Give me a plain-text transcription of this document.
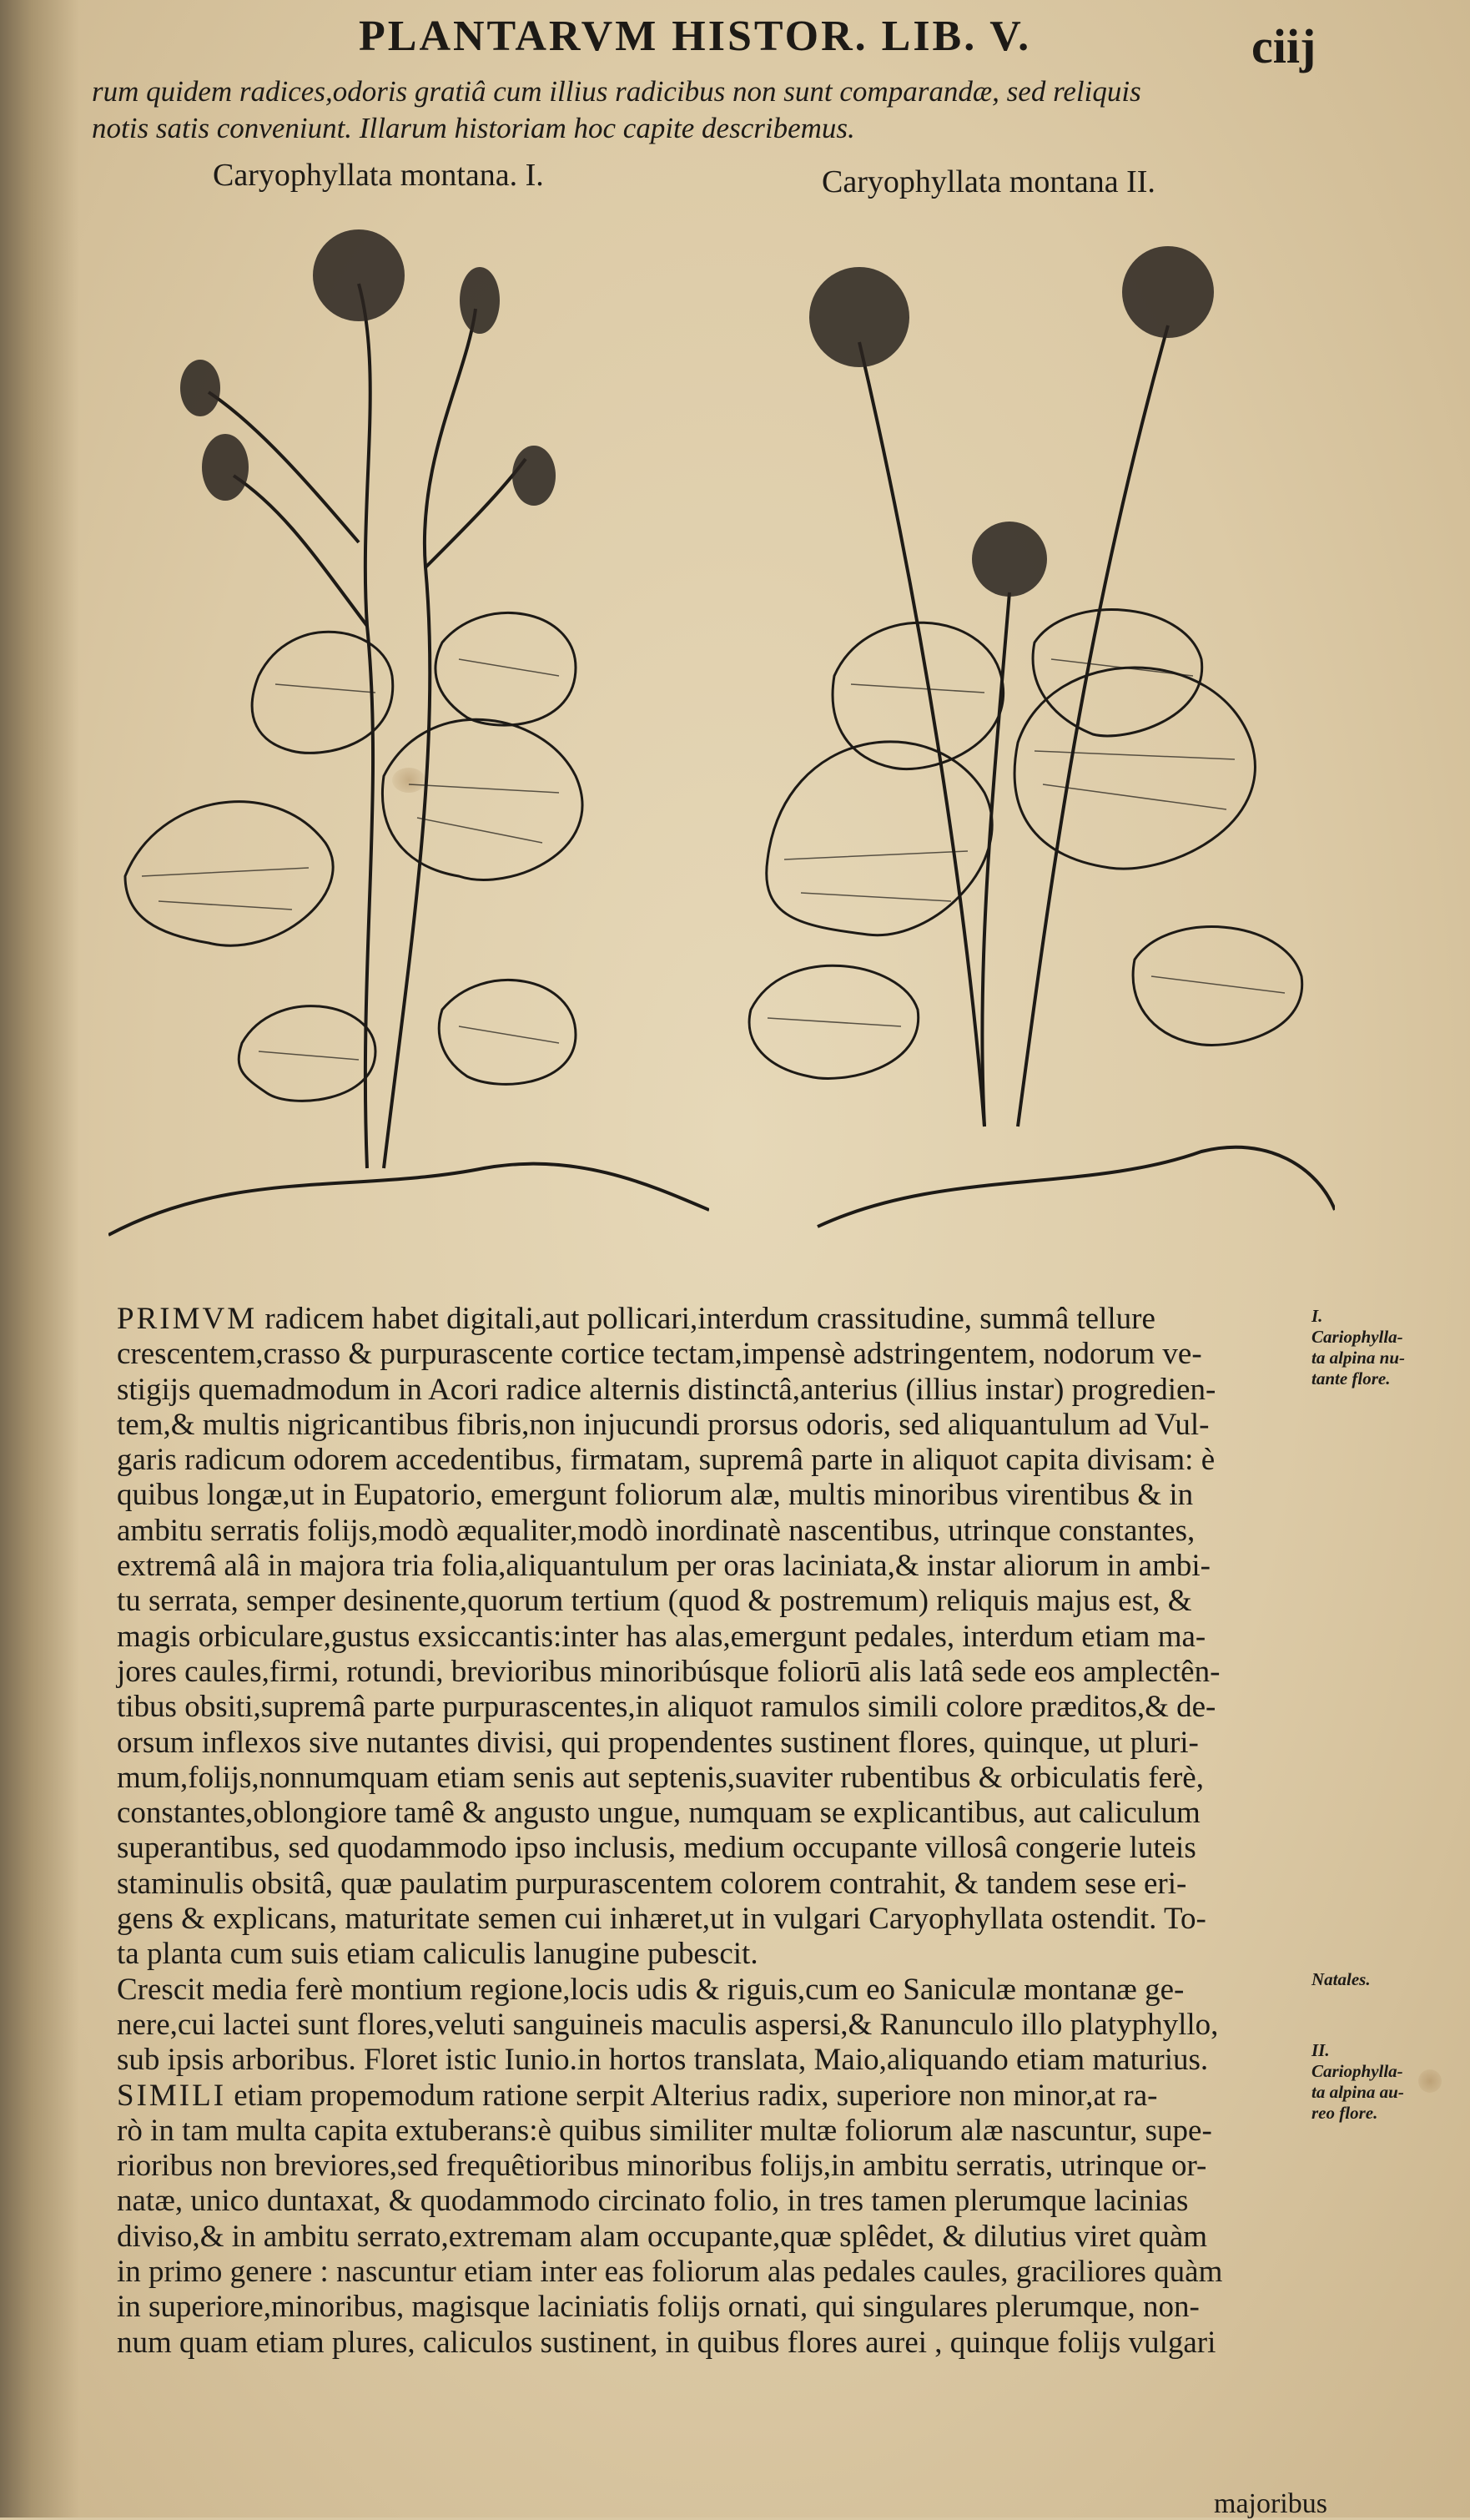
PLANTARVM HISTOR. LIB. V.	ciij
rum quidem radices,odoris gratiâ cum illius radicibus non sunt comparandæ, sed reliquis
notis satis conveniunt. Illarum historiam hoc capite describemus.
Caryophyllata montana. I.	Caryophyllata montana II.
PRIMVM radicem habet digitali,aut pollicari,interdum crassitudine, summâ tellure
crescentem,crasso & purpurascente cortice tectam,impensè adstringentem, nodorum ve-
stigijs quemadmodum in Acori radice alternis distinctâ,anterius (illius instar) progredien-
tem,& multis nigricantibus fibris,non injucundi prorsus odoris, sed aliquantulum ad Vul-
garis radicum odorem accedentibus, firmatam, supremâ parte in aliquot capita divisam: è
quibus longæ,ut in Eupatorio, emergunt foliorum alæ, multis minoribus virentibus & in
ambitu serratis folijs,modò æqualiter,modò inordinatè nascentibus, utrinque constantes,
extremâ alâ in majora tria folia,aliquantulum per oras laciniata,& instar aliorum in ambi-
tu serrata, semper desinente,quorum tertium (quod & postremum) reliquis majus est, &
magis orbiculare,gustus exsiccantis:inter has alas,emergunt pedales, interdum etiam ma-
jores caules,firmi, rotundi, brevioribus minoribúsque foliorū alis latâ sede eos amplectên-
tibus obsiti,supremâ parte purpurascentes,in aliquot ramulos simili colore præditos,& de-
orsum inflexos sive nutantes divisi, qui propendentes sustinent flores, quinque, ut pluri-
mum,folijs,nonnumquam etiam senis aut septenis,suaviter rubentibus & orbiculatis ferè,
constantes,oblongiore tamê & angusto ungue, numquam se explicantibus, aut caliculum
superantibus, sed quodammodo ipso inclusis, medium occupante villosâ congerie luteis
staminulis obsitâ, quæ paulatim purpurascentem colorem contrahit, & tandem sese eri-
gens & explicans, maturitate semen cui inhæret,ut in vulgari Caryophyllata ostendit. To-
ta planta cum suis etiam caliculis lanugine pubescit.
Crescit media ferè montium regione,locis udis & riguis,cum eo Saniculæ montanæ ge-
nere,cui lactei sunt flores,veluti sanguineis maculis aspersi,& Ranunculo illo platyphyllo,
sub ipsis arboribus. Floret istic Iunio.in hortos translata, Maio,aliquando etiam maturius.
SIMILI etiam propemodum ratione serpit Alterius radix, superiore non minor,at ra-
rò in tam multa capita extuberans:è quibus similiter multæ foliorum alæ nascuntur, supe-
rioribus non breviores,sed frequêtioribus minoribus folijs,in ambitu serratis, utrinque or-
natæ, unico duntaxat, & quodammodo circinato folio, in tres tamen plerumque lacinias
diviso,& in ambitu serrato,extremam alam occupante,quæ splêdet, & dilutius viret quàm
in primo genere : nascuntur etiam inter eas foliorum alas pedales caules, graciliores quàm
in superiore,minoribus, magisque laciniatis folijs ornati, qui singulares plerumque, non-
num quam etiam plures, caliculos sustinent, in quibus flores aurei , quinque folijs vulgari
I.
Cariophylla-
ta alpina nu-
tante flore.
Natales.
II.
Cariophylla-
ta alpina au-
reo flore.
majoribus
